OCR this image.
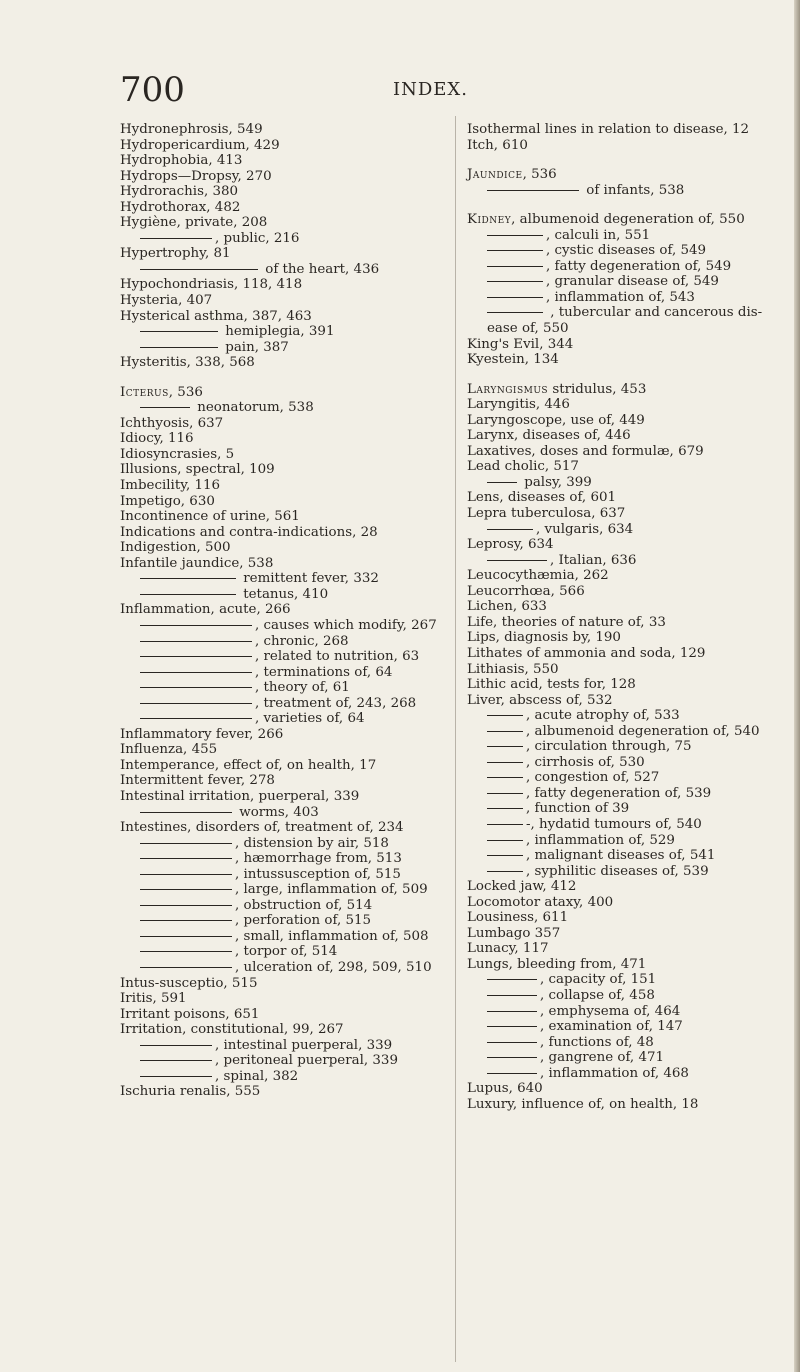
700	INDEX.
Hydronephrosis, 549
Hydropericardium, 429
Hydrophobia, 413
Hydrops—Dropsy, 270
Hydrorachis, 380
Hydrothorax, 482
Hygiène, private, 208
, public, 216
Hypertrophy, 81
of the heart, 436
Hypochondriasis, 118, 418
Hysteria, 407
Hysterical asthma, 387, 463
hemiplegia, 391
pain, 387
Hysteritis, 338, 568
Icterus, 536
neonatorum, 538
Ichthyosis, 637
Idiocy, 116
Idiosyncrasies, 5
Illusions, spectral, 109
Imbecility, 116
Impetigo, 630
Incontinence of urine, 561
Indications and contra-indications, 28
Indigestion, 500
Infantile jaundice, 538
remittent fever, 332
tetanus, 410
Inflammation, acute, 266
, causes which modify, 267
, chronic, 268
, related to nutrition, 63
, terminations of, 64
, theory of, 61
, treatment of, 243, 268
, varieties of, 64
Inflammatory fever, 266
Influenza, 455
Intemperance, effect of, on health, 17
Intermittent fever, 278
Intestinal irritation, puerperal, 339
worms, 403
Intestines, disorders of, treatment of, 234
, distension by air, 518
, hæmorrhage from, 513
, intussusception of, 515
, large, inflammation of, 509
, obstruction of, 514
, perforation of, 515
, small, inflammation of, 508
, torpor of, 514
, ulceration of, 298, 509, 510
Intus-susceptio, 515
Iritis, 591
Irritant poisons, 651
Irritation, constitutional, 99, 267
, intestinal puerperal, 339
, peritoneal puerperal, 339
, spinal, 382
Ischuria renalis, 555
Isothermal lines in relation to disease, 12
Itch, 610
Jaundice, 536
of infants, 538
Kidney, albumenoid degeneration of, 550
, calculi in, 551
, cystic diseases of, 549
, fatty degeneration of, 549
, granular disease of, 549
, inflammation of, 543
, tubercular and cancerous dis-
ease of, 550
King's Evil, 344
Kyestein, 134
Laryngismus stridulus, 453
Laryngitis, 446
Laryngoscope, use of, 449
Larynx, diseases of, 446
Laxatives, doses and formulæ, 679
Lead cholic, 517
palsy, 399
Lens, diseases of, 601
Lepra tuberculosa, 637
, vulgaris, 634
Leprosy, 634
, Italian, 636
Leucocythæmia, 262
Leucorrhœa, 566
Lichen, 633
Life, theories of nature of, 33
Lips, diagnosis by, 190
Lithates of ammonia and soda, 129
Lithiasis, 550
Lithic acid, tests for, 128
Liver, abscess of, 532
, acute atrophy of, 533
, albumenoid degeneration of, 540
, circulation through, 75
, cirrhosis of, 530
, congestion of, 527
, fatty degeneration of, 539
, function of 39
-, hydatid tumours of, 540
, inflammation of, 529
, malignant diseases of, 541
, syphilitic diseases of, 539
Locked jaw, 412
Locomotor ataxy, 400
Lousiness, 611
Lumbago 357
Lunacy, 117
Lungs, bleeding from, 471
, capacity of, 151
, collapse of, 458
, emphysema of, 464
, examination of, 147
, functions of, 48
, gangrene of, 471
, inflammation of, 468
Lupus, 640
Luxury, influence of, on health, 18
